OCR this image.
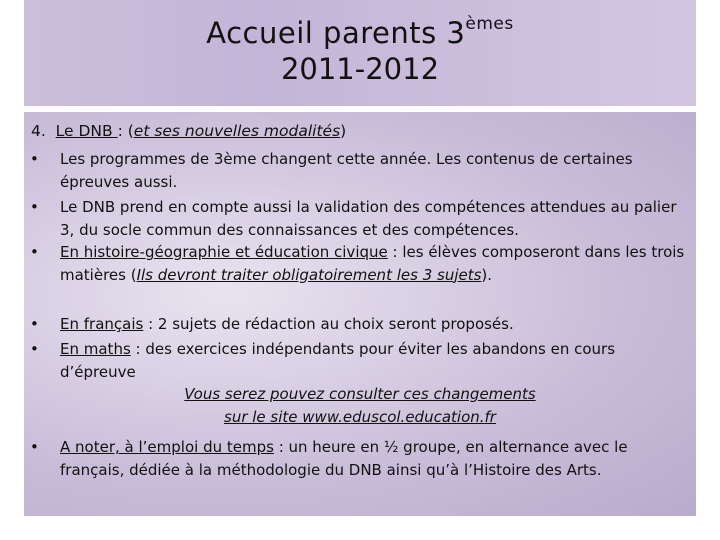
Accueil parents 3èmes
2011-2012
4. Le DNB : (et ses nouvelles modalités)
• Les programmes de 3ème changent cette année. Les contenus de certaines épreuves aussi.
• Le DNB prend en compte aussi la validation des compétences attendues au palier 3, du socle commun des connaissances et des compétences.
• En histoire-géographie et éducation civique : les élèves composeront dans les trois matières (Ils devront traiter obligatoirement les 3 sujets).
• En français : 2 sujets de rédaction au choix seront proposés.
• En maths : des exercices indépendants pour éviter les abandons en cours d’épreuve
Vous serez pouvez consulter ces changements
sur le site www.eduscol.education.fr
• A noter, à l’emploi du temps : un heure en ½ groupe, en alternance avec le français, dédiée à la méthodologie du DNB ainsi qu’à l’Histoire des Arts.
